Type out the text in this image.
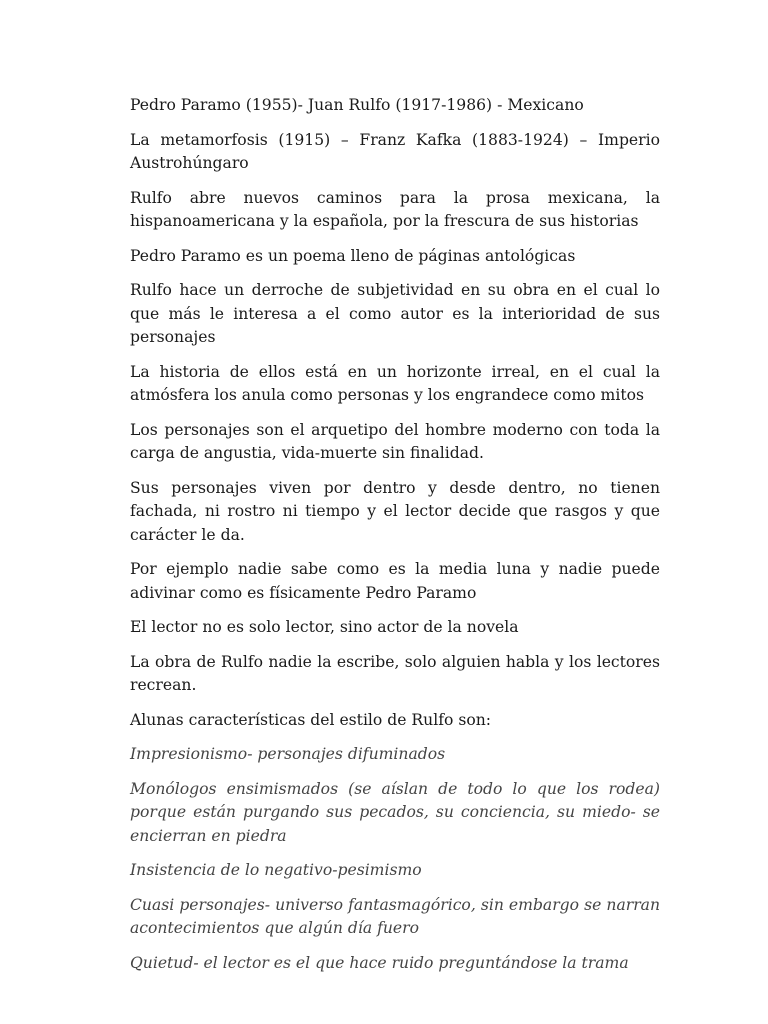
Pedro Paramo (1955)- Juan Rulfo (1917-1986) - Mexicano

La metamorfosis (1915) – Franz Kafka (1883-1924) – Imperio Austrohúngaro

Rulfo abre nuevos caminos para la prosa mexicana, la hispanoamericana y la española, por la frescura de sus historias

Pedro Paramo es un poema lleno de páginas antológicas

Rulfo hace un derroche de subjetividad en su obra en el cual lo que más le interesa a el como autor es la interioridad de sus personajes

La historia de ellos está en un horizonte irreal, en el cual la atmósfera los anula como personas y los engrandece como mitos

Los personajes son el arquetipo del hombre moderno con toda la carga de angustia, vida-muerte sin finalidad.

Sus personajes viven por dentro y desde dentro, no tienen fachada, ni rostro ni tiempo y el lector decide que rasgos y que carácter le da.

Por ejemplo nadie sabe como es la media luna y nadie puede adivinar como es físicamente Pedro Paramo

El lector no es solo lector, sino actor de la novela

La obra de Rulfo nadie la escribe, solo alguien habla y los lectores recrean.

Alunas características del estilo de Rulfo son:

Impresionismo- personajes difuminados

Monólogos ensimismados (se aíslan de todo lo que los rodea) porque están purgando sus pecados, su conciencia, su miedo- se encierran en piedra

Insistencia de lo negativo-pesimismo

Cuasi personajes- universo fantasmagórico, sin embargo se narran acontecimientos que algún día fuero

Quietud- el lector es el que hace ruido preguntándose la trama
